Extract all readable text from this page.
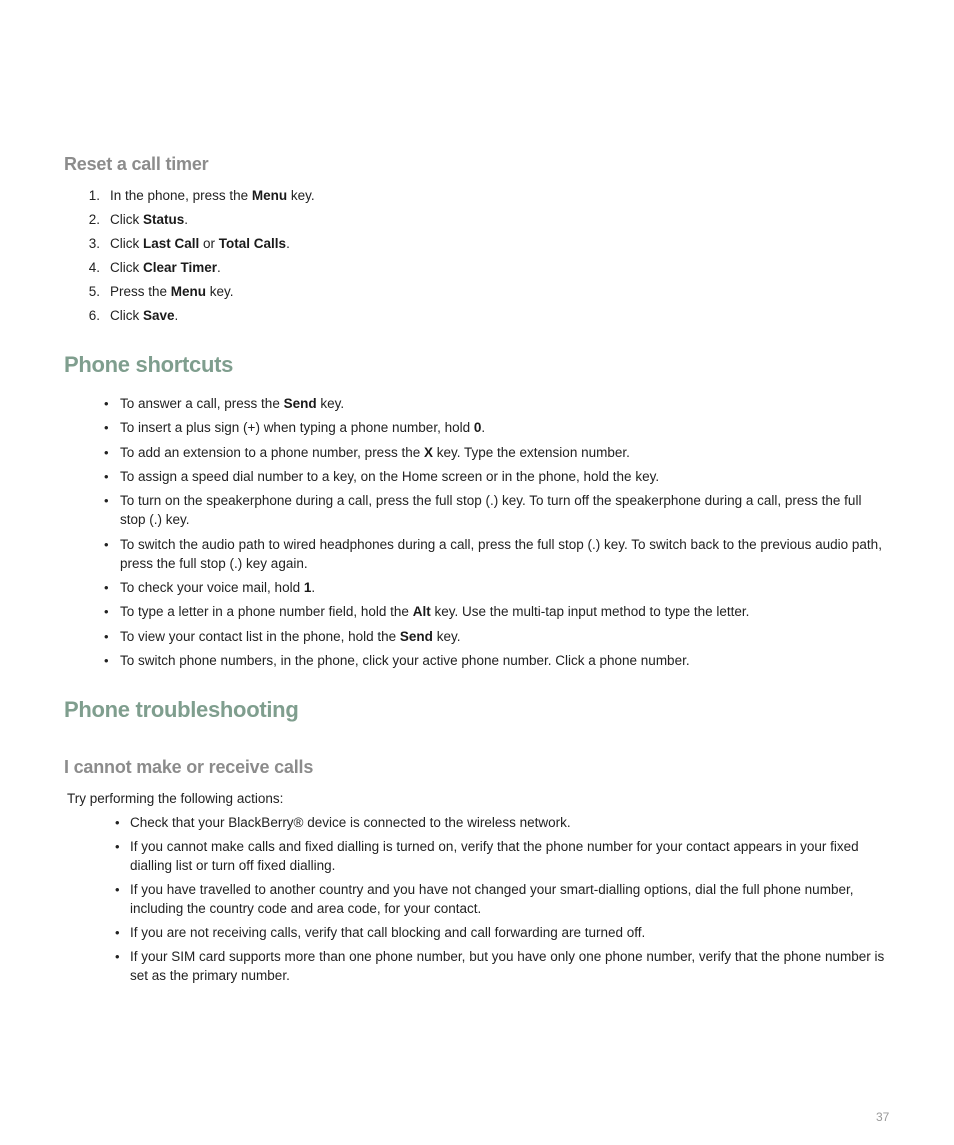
Reset a call timer
1. In the phone, press the Menu key.
2. Click Status.
3. Click Last Call or Total Calls.
4. Click Clear Timer.
5. Press the Menu key.
6. Click Save.
Phone shortcuts
• To answer a call, press the Send key.
• To insert a plus sign (+) when typing a phone number, hold 0.
• To add an extension to a phone number, press the X key. Type the extension number.
• To assign a speed dial number to a key, on the Home screen or in the phone, hold the key.
• To turn on the speakerphone during a call, press the full stop (.) key. To turn off the speakerphone during a call, press the full
stop (.) key.
• To switch the audio path to wired headphones during a call, press the full stop (.) key. To switch back to the previous audio path,
press the full stop (.) key again.
• To check your voice mail, hold 1.
• To type a letter in a phone number field, hold the Alt key. Use the multi-tap input method to type the letter.
• To view your contact list in the phone, hold the Send key.
• To switch phone numbers, in the phone, click your active phone number. Click a phone number.
Phone troubleshooting
I cannot make or receive calls
Try performing the following actions:
• Check that your BlackBerry® device is connected to the wireless network.
• If you cannot make calls and fixed dialling is turned on, verify that the phone number for your contact appears in your fixed
dialling list or turn off fixed dialling.
• If you have travelled to another country and you have not changed your smart-dialling options, dial the full phone number,
including the country code and area code, for your contact.
• If you are not receiving calls, verify that call blocking and call forwarding are turned off.
• If your SIM card supports more than one phone number, but you have only one phone number, verify that the phone number is
set as the primary number.
37
